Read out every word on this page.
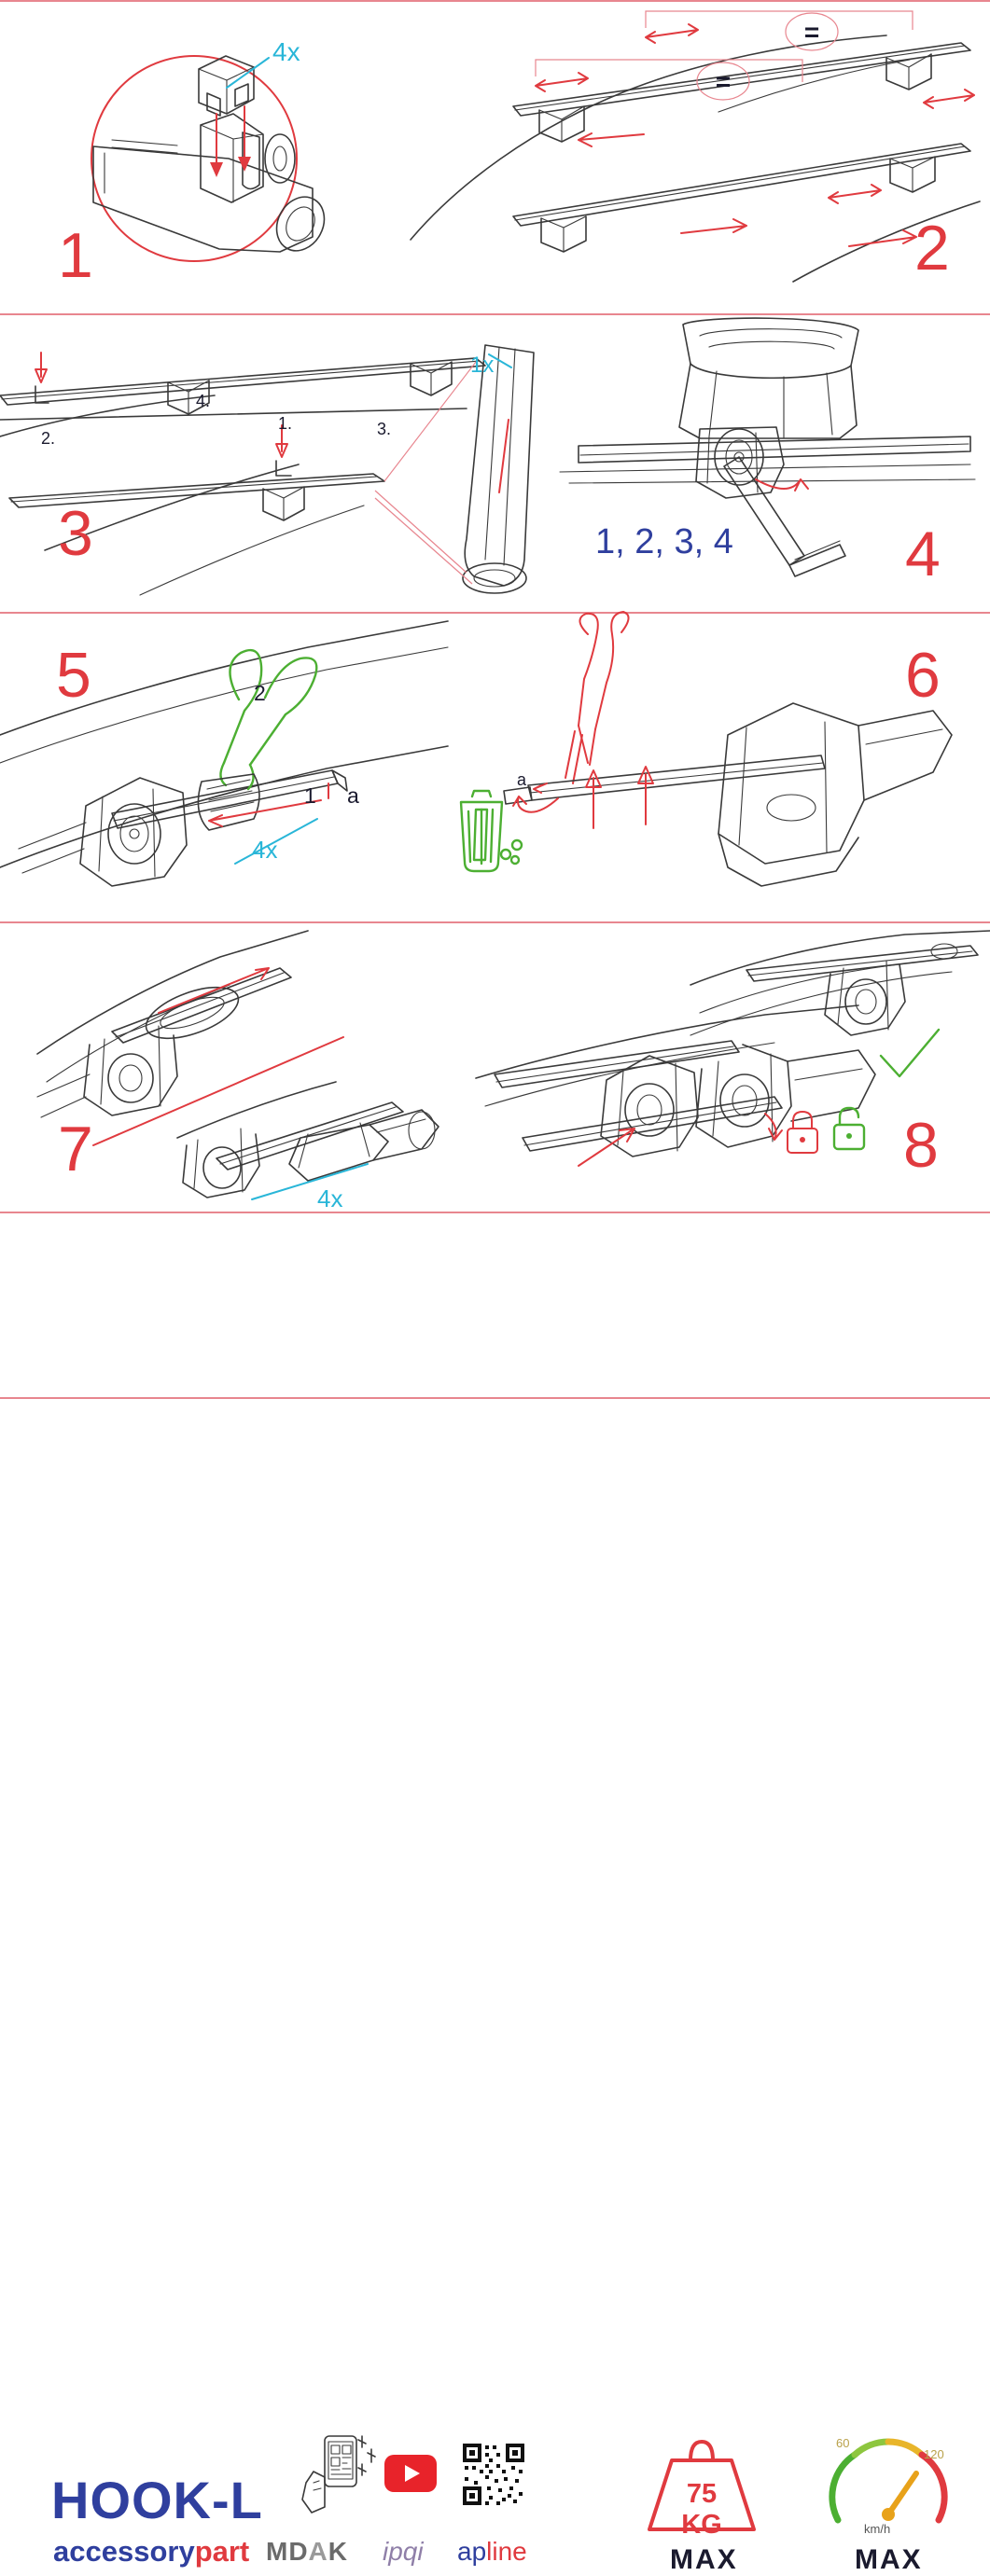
1
4x
=
=
2
3
2.
1.	3.
4.
1x
4
1, 2, 3, 4
5	2
1 a
4x
6
a
7
4x
8
HOOK-L
accessorypart MDAK ipqi apline
75 KG
MAX
60
120
km/h
MAX
